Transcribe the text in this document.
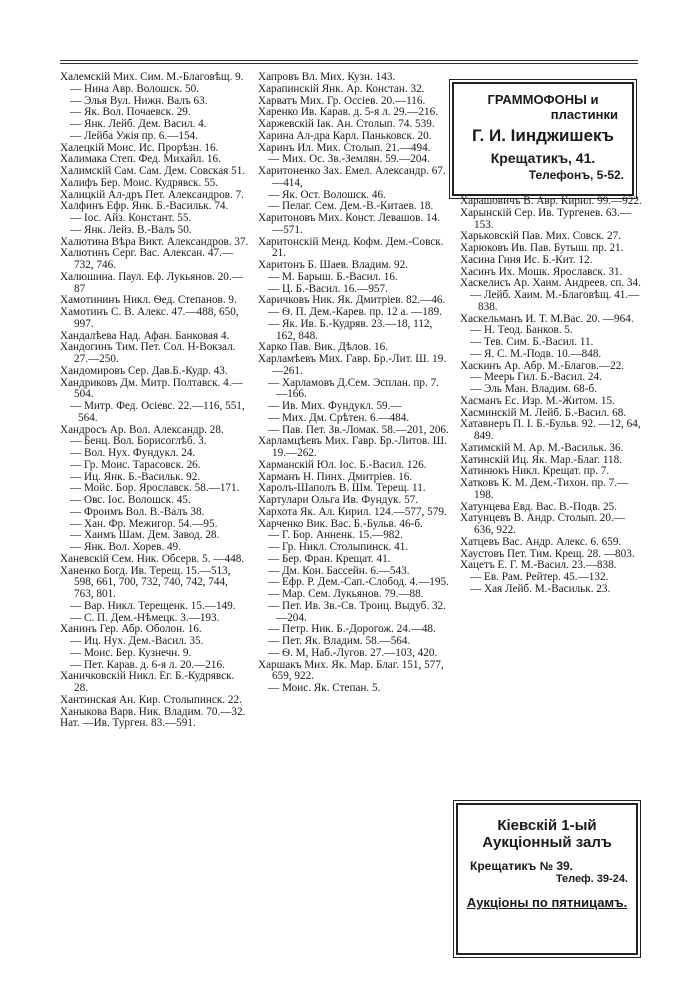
Халемскій Мих. Сим. М.-Благовѣщ. 9.

— Нина Авр. Волошск. 50.

— Элья Вул. Нижн. Валъ 63.

— Як. Вол. Почаевск. 29.

— Янк. Лейб. Дем. Васил. 4.

— Лейба Ужія пр. 6.—154.

Халецкій Моис. Ис. Прорѣзн. 16.

Халимака Степ. Фед. Михайл. 16.

Халимскій Сам. Сам. Дем. Совская 51.

Халифъ Бер. Моис. Кудрявск. 55.

Халицкій Ал-дръ Пет. Александров. 7.

Халфинъ Ефр. Янк. Б.-Васильк. 74.

— Іос. Айз. Констант. 55.

— Янк. Лейз. В.-Валъ 50.

Халютина Вѣра Викт. Александров. 37.

Халютинъ Серг. Вас. Алексан. 47.—732, 746.

Халюшина. Паул. Еф. Лукьянов. 20.—87

Хамотининъ Никл. Ѳед. Степанов. 9.

Хамотинъ С. В. Алекс. 47.—488, 650, 997.

Хандалѣева Над. Афан. Банковая 4.

Хандогинъ Тим. Пет. Сол. Н-Вокзал. 27.—250.

Хандомировъ Сер. Дав.Б.-Кудр. 43.

Хандриковъ Дм. Митр. Полтавск. 4.—504.

— Митр. Фед. Осіевс. 22.—116, 551, 564.

Хандросъ Ар. Вол. Александр. 28.

— Бенц. Вол. Борисоглѣб. 3.

— Вол. Нух. Фундукл. 24.

— Гр. Моис. Тарасовск. 26.

— Иц. Янк. Б.-Васильк. 92.

— Мойс. Бор. Ярославск. 58.—171.

— Овс. Іос. Волошск. 45.

— Фроимъ Вол. В.-Валъ 38.

— Хан. Фр. Межигор. 54.—95.

— Хаимъ Шам. Дем. Завод. 28.

— Янк. Вол. Хорев. 49.

Ханевскій Сем. Ник. Обсерв. 5. —448.

Ханенко Богд. Ив. Терещ. 15.—513, 598, 661, 700, 732, 740, 742, 744, 763, 801.

— Вар. Никл. Терещенк. 15.—149.

— С. П. Дем.-Нѣмецк. 3.—193.

Ханинъ Гер. Абр. Оболон. 16.

— Иц. Нух. Дем.-Васил. 35.

— Моис. Бер. Кузнечн. 9.

— Пет. Карав. д. 6-я л. 20.—216.

Ханичковскій Никл. Ег. Б.-Кудрявск. 28.

Хантинская Ан. Кир. Столыпинск. 22.

Ханыкова Варв. Ник. Владим. 70.—32.

Нат. —Ив. Турген. 83.—591.

Хапровъ Вл. Мих. Кузн. 143.

Харапинскій Янк. Ар. Констан. 32.

Харватъ Мих. Гр. Оссіев. 20.—116.

Харенко Ив. Карав. д. 5-я л. 29.—216.

Харжевскій Іак. Ан. Столып. 74. 539.

Харина Ал-дра Карл. Паньковск. 20.

Харинъ Ил. Мих. Столып. 21.—494.

— Мих. Ос. Зв.-Землян. 59.—204.

Харитоненко Зах. Емел. Александр. 67.—414,

— Як. Ост. Волошск. 46.

— Пелаг. Сем. Дем.-В.-Китаев. 18.

Харитоновъ Мих. Конст. Левашов. 14.—571.

Харитонскій Менд. Кофм. Дем.-Совск. 21.

Харитонъ Б. Шаев. Владим. 92.

— М. Барыш. Б.-Васил. 16.

— Ц. Б.-Васил. 16.—957.

Харичковъ Ник. Як. Дмитріев. 82.—46.

— Ѳ. П. Дем.-Карев. пр. 12 а. —189.

— Як. Ив. Б.-Кудряв. 23.—18, 112, 162, 848.

Харко Пав. Вик. Дѣлов. 16.

Харламѣевъ Мих. Гавр. Бр.-Лит. Ш. 19.—261.

— Харламовъ Д.Сем. Эсплан. пр. 7.—166.

— Ив. Мих. Фундукл. 59.—

— Мих. Дм. Срѣтен. 6.—484.

— Пав. Пет. Зв.-Ломак. 58.—201, 206.

Харламцѣевъ Мих. Гавр. Бр.-Литов. Ш. 19.—262.

Харманскій Юл. Іос. Б.-Васил. 126.

Харманъ Н. Пинх. Дмитріев. 16.

Харолъ-Шаполъ В. Шм. Терещ. 11.

Хартулари Ольга Ив. Фундук. 57.

Хархота Як. Ал. Кирил. 124.—577, 579.

Харченко Вик. Вас. Б.-Бульв. 46-б.

— Г. Бор. Анненк. 15.—982.

— Гр. Никл. Столыпинск. 41.

— Бер. Фран. Крещат. 41.

— Дм. Кон. Бассейн. 6.—543.

— Ефр. Р. Дем.-Сап.-Слобод. 4.—195.

— Мар. Сем. Лукьянов. 79.—88.

— Пет. Ив. Зв.-Св. Троиц. Выдуб. 32.—204.

— Петр. Ник. Б.-Дорогож. 24.—48.

— Пет. Як. Владим. 58.—564.

— Ѳ. М, Наб.-Лугов. 27.—103, 420.

Харшакъ Мих. Як. Мар. Благ. 151, 577, 659, 922.

— Моис. Як. Степан. 5.

ГРАММОФОНЫ и
пластинки
Г. И. Іинджишекъ
Крещатикъ, 41.
Телефонъ, 5-52.

Харашовичъ В. Авр. Кирил. 99.—922.

Харынскій Сер. Ив. Тургенев. 63.—153.

Харьковскій Пав. Мих. Совск. 27.

Харюковъ Ив. Пав. Бутыш. пр. 21.

Хасина Гиня Ис. Б.-Кит. 12.

Хасинъ Их. Мошк. Ярославск. 31.

Хаскелисъ Ар. Хаим. Андреев. сп. 34.

— Лейб. Хаим. М.-Благовѣщ. 41.—838.

Хаскельманъ И. Т. М.Вас. 20. —964.

— Н. Теод. Банков. 5.

— Тев. Сим. Б.-Васил. 11.

— Я. С. М.-Подв. 10.—848.

Хаскинъ Ар. Абр. М.-Благов.—22.

— Меерь Гил. Б.-Васил. 24.

— Эль Ман. Владим. 68-б.

Хасманъ Ес. Изр. М.-Житом. 15.

Хасминскій М. Лейб. Б.-Васил. 68.

Хатавнеръ П. І. Б.-Бульв. 92. —12, 64, 849.

Хатимскій М. Ар. М.-Васильк. 36.

Хатинскій Иц. Як. Мар.-Благ. 118.

Хатинюкъ Никл. Крещат. пр. 7.

Хатковъ К. М. Дем.-Тихон. пр. 7.—198.

Хатунцева Евд. Вас. В.-Подв. 25.

Хатунцевъ В. Андр. Столып. 20.—636, 922.

Хатцевъ Вас. Андр. Алекс. 6. 659.

Хаустовъ Пет. Тим. Крещ. 28. —803.

Хацетъ Е. Г. М.-Васил. 23.—838.

— Ев. Рам. Рейтер. 45.—132.

— Хая Лейб. М.-Васильк. 23.

Кіевскій 1-ый
Аукціонный залъ
Крещатикъ № 39.
Телеф. 39-24.
Аукціоны по пятницамъ.
